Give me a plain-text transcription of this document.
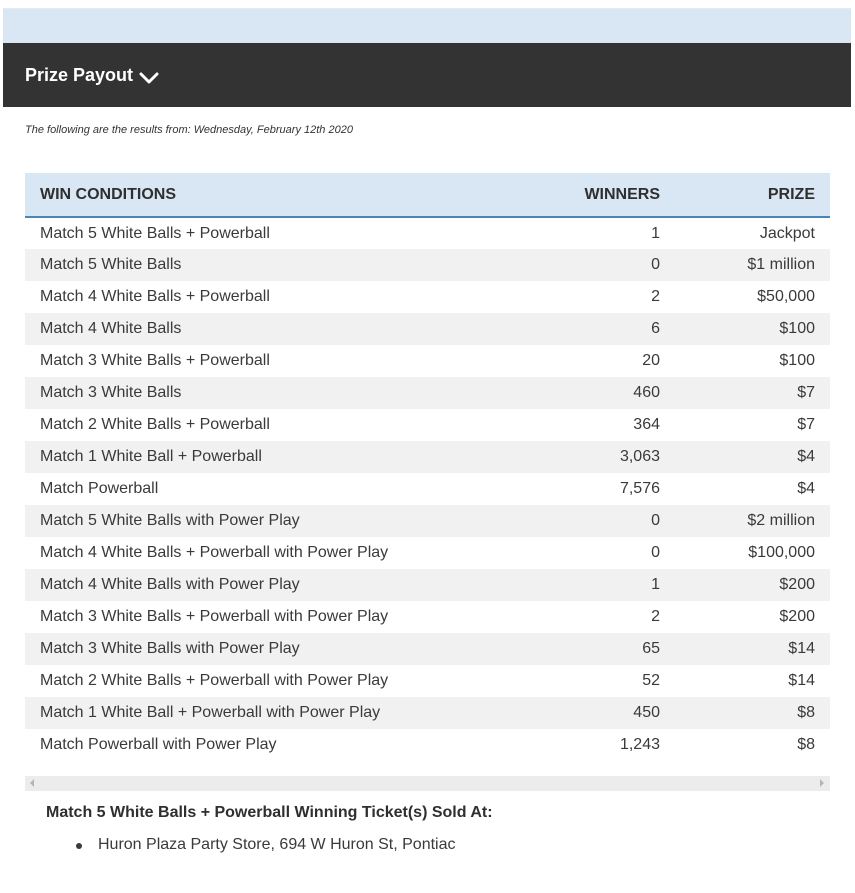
Prize Payout
The following are the results from: Wednesday, February 12th 2020
WIN CONDITIONS	WINNERS	PRIZE
Match 5 White Balls + Powerball	1	Jackpot
Match 5 White Balls	0	$1 million
Match 4 White Balls + Powerball	2	$50,000
Match 4 White Balls	6	$100
Match 3 White Balls + Powerball	20	$100
Match 3 White Balls	460	$7
Match 2 White Balls + Powerball	364	$7
Match 1 White Ball + Powerball	3,063	$4
Match Powerball	7,576	$4
Match 5 White Balls with Power Play	0	$2 million
Match 4 White Balls + Powerball with Power Play	0	$100,000
Match 4 White Balls with Power Play	1	$200
Match 3 White Balls + Powerball with Power Play	2	$200
Match 3 White Balls with Power Play	65	$14
Match 2 White Balls + Powerball with Power Play	52	$14
Match 1 White Ball + Powerball with Power Play	450	$8
Match Powerball with Power Play	1,243	$8
Match 5 White Balls + Powerball Winning Ticket(s) Sold At:
Huron Plaza Party Store, 694 W Huron St, Pontiac
